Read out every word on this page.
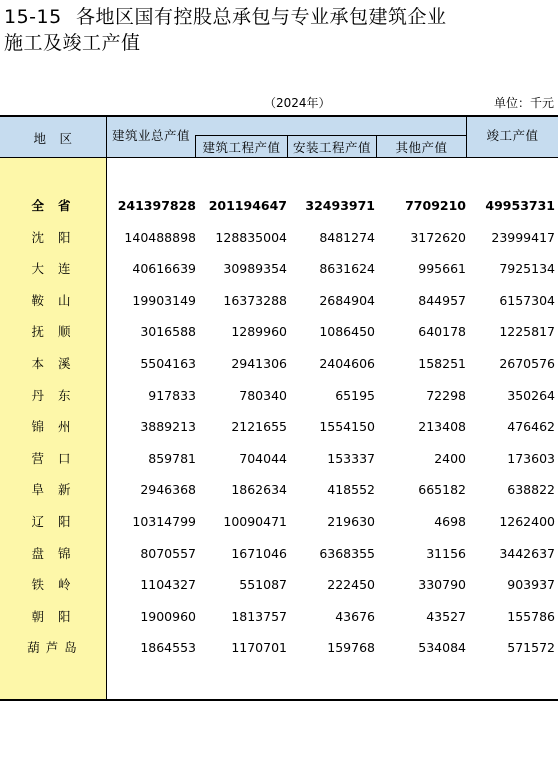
15-15 各地区国有控股总承包与专业承包建筑企业
施工及竣工产值
（2024年）	单位：千元
地　区	建筑业总产值
建筑工程产值 安装工程产值	其他产值
竣工产值
全省	241397828 201194647 32493971 7709210 49953731
沈阳	140488898 128835004	8481274	3172620 23999417
大连	40616639 30989354	8631624	995661	7925134
鞍山	19903149 16373288	2684904	844957	6157304
抚顺	3016588	1289960	1086450	640178	1225817
本溪	5504163	2941306	2404606	158251	2670576
丹东	917833	780340	65195	72298	350264
锦州	3889213	2121655	1554150	213408	476462
营口	859781	704044	153337	2400	173603
阜新	2946368	1862634	418552	665182	638822
辽阳	10314799 10090471	219630	4698	1262400
盘锦	8070557	1671046	6368355	31156	3442637
铁岭	1104327	551087	222450	330790	903937
朝阳	1900960	1813757	43676	43527	155786
葫芦岛	1864553	1170701	159768	534084	571572
